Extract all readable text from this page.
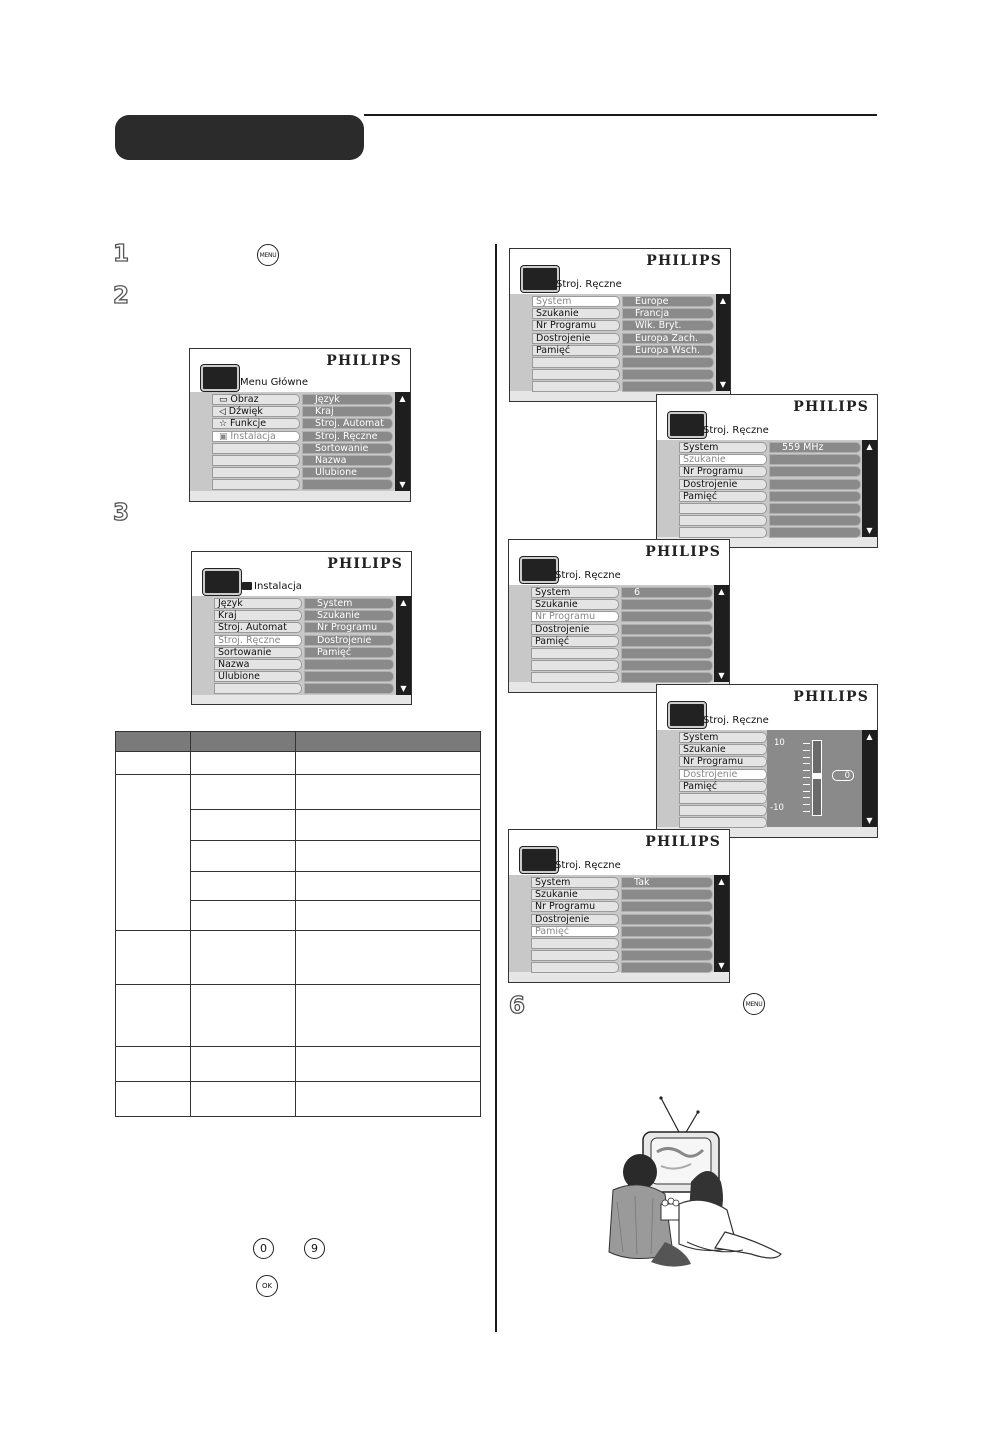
1	MENU
2
PHILIPS
Menu Główne
▲
▼
▭ Obraz
◁ Dźwięk
☆ Funkcje
▣ Instalacja
Język
Kraj
Stroj. Automat
Stroj. Ręczne
Sortowanie
Nazwa
Ulubione
3
PHILIPS
Instalacja
▲
▼
Język
Kraj
Stroj. Automat
Stroj. Ręczne
Sortowanie
Nazwa
Ulubione
System
Szukanie
Nr Programu
Dostrojenie
Pamięć

0	9
OK
PHILIPS
Stroj. Ręczne
▲
▼
System
Szukanie
Nr Programu
Dostrojenie
Pamięć
Europe
Francja
Wlk. Bryt.
Europa Zach.
Europa Wsch.
PHILIPS
Stroj. Ręczne
▲
▼
System
Szukanie
Nr Programu
Dostrojenie
Pamięć
559 MHz
PHILIPS
Stroj. Ręczne
▲
▼
System
Szukanie
Nr Programu
Dostrojenie
Pamięć
6
PHILIPS
Stroj. Ręczne
▲
▼
System
Szukanie
Nr Programu
Dostrojenie
Pamięć
10
-10
0
PHILIPS
Stroj. Ręczne
▲
▼
System
Szukanie
Nr Programu
Dostrojenie
Pamięć
Tak
6	MENU
